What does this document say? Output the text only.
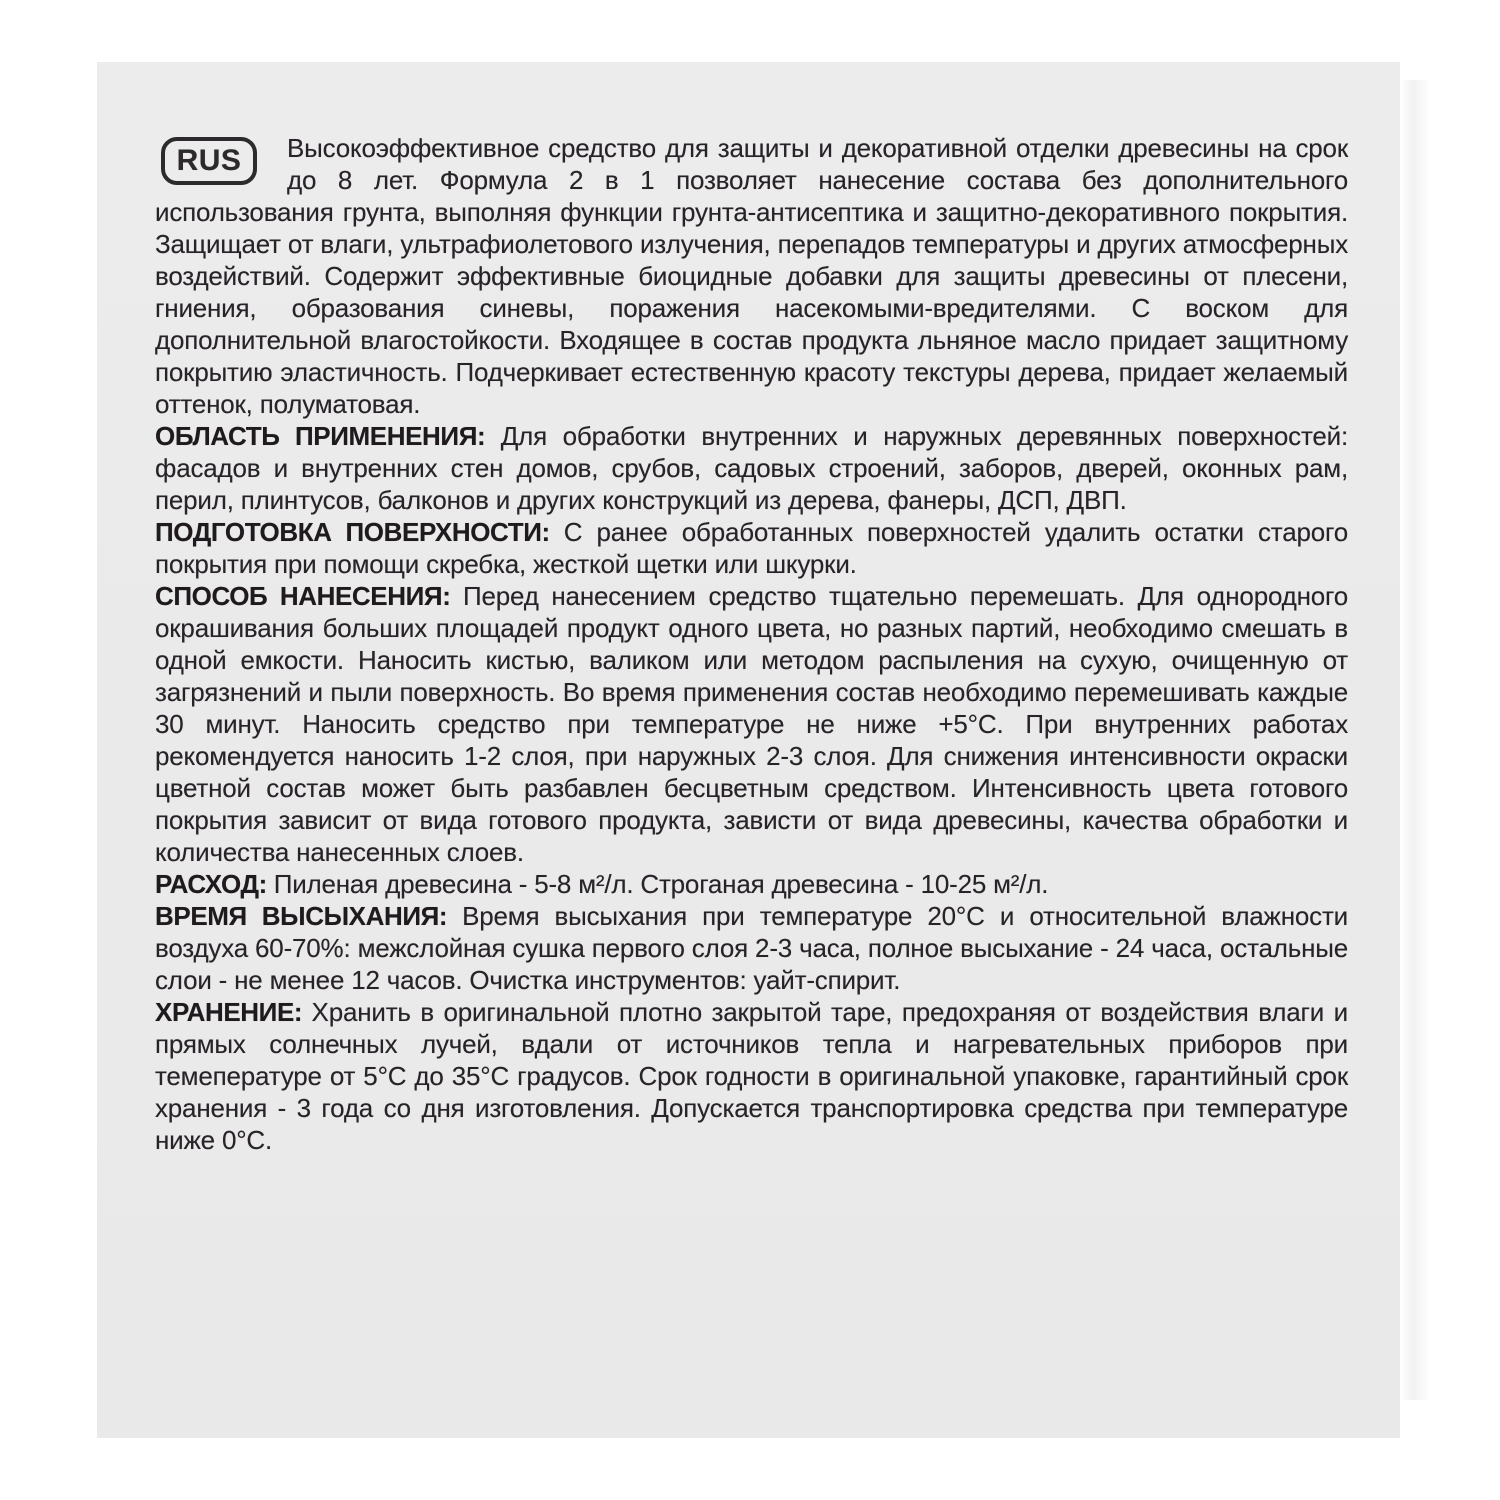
RUS Высокоэффективное средство для защиты и декоративной отделки древесины на срок до 8 лет. Формула 2 в 1 позволяет нанесение состава без дополнительного использования грунта, выполняя функции грунта-антисептика и защитно-декоративного покрытия. Защищает от влаги, ультрафиолетового излучения, перепадов температуры и других атмосферных воздействий. Содержит эффективные биоцидные добавки для защиты древесины от плесени, гниения, образования синевы, поражения насекомыми-вредителями. С воском для дополнительной влагостойкости. Входящее в состав продукта льняное масло придает защитному покрытию эластичность. Подчеркивает естественную красоту текстуры дерева, придает желаемый оттенок, полуматовая.

ОБЛАСТЬ ПРИМЕНЕНИЯ: Для обработки внутренних и наружных деревянных поверхностей: фасадов и внутренних стен домов, срубов, садовых строений, заборов, дверей, оконных рам, перил, плинтусов, балконов и других конструкций из дерева, фанеры, ДСП, ДВП.

ПОДГОТОВКА ПОВЕРХНОСТИ: С ранее обработанных поверхностей удалить остатки старого покрытия при помощи скребка, жесткой щетки или шкурки.

СПОСОБ НАНЕСЕНИЯ: Перед нанесением средство тщательно перемешать. Для однородного окрашивания больших площадей продукт одного цвета, но разных партий, необходимо смешать в одной емкости. Наносить кистью, валиком или методом распыления на сухую, очищенную от загрязнений и пыли поверхность. Во время применения состав необходимо перемешивать каждые 30 минут. Наносить средство при температуре не ниже +5°С. При внутренних работах рекомендуется наносить 1-2 слоя, при наружных 2-3 слоя. Для снижения интенсивности окраски цветной состав может быть разбавлен бесцветным средством. Интенсивность цвета готового покрытия зависит от вида готового продукта, зависти от вида древесины, качества обработки и количества нанесенных слоев.

РАСХОД: Пиленая древесина - 5-8 м²/л. Строганая древесина - 10-25 м²/л.

ВРЕМЯ ВЫСЫХАНИЯ: Время высыхания при температуре 20°С и относительной влажности воздуха 60-70%: межслойная сушка первого слоя 2-3 часа, полное высыхание - 24 часа, остальные слои - не менее 12 часов. Очистка инструментов: уайт-спирит.

ХРАНЕНИЕ: Хранить в оригинальной плотно закрытой таре, предохраняя от воздействия влаги и прямых солнечных лучей, вдали от источников тепла и нагревательных приборов при темепературе от 5°С до 35°С градусов. Срок годности в оригинальной упаковке, гарантийный срок хранения - 3 года со дня изготовления. Допускается транспортировка средства при температуре ниже 0°С.
